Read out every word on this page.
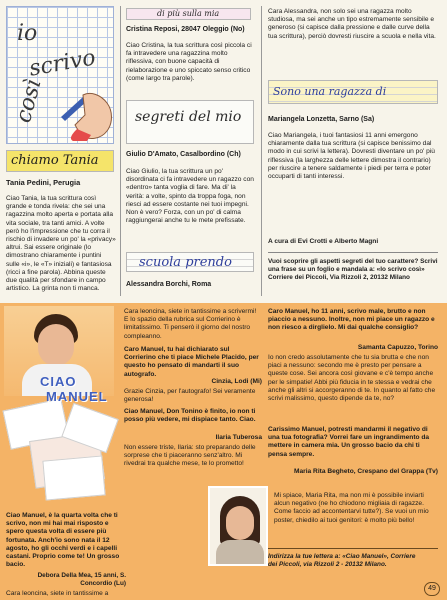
io
scrivo
così
chiamo Tania
Tania Pedini, Perugia
Ciao Tania, la tua scrittura così grande e tonda rivela: che sei una ragazzina molto aperta e portata alla vita sociale, tra tanti amici. A volte però ho l'impressione che tu corra il rischio di invadere un po' la «privacy» altrui. Sai essere originale (lo dimostrano chiaramente i puntini sulle «i», le «T» iniziali) e fantasiosa (ricci a fine parola). Abbina queste due qualità per sfondare in campo artistico. La grinta non ti manca.
di più sulla mia
Cristina Reposi, 28047 Oleggio (No)
Ciao Cristina, la tua scrittura così piccola ci fa intravedere una ragazzina molto riflessiva, con buone capacità di rielaborazione e uno spiccato senso critico (come largo tra parole).
segreti del mio
Giulio D'Amato, Casalbordino (Ch)
Ciao Giulio, la tua scrittura un po' disordinata ci fa intravedere un ragazzo con «dentro» tanta voglia di fare. Ma di' la verità: a volte, spinto da troppa foga, non riesci ad essere costante nei tuoi impegni. Non è vero? Forza, con un po' di calma raggiungerai anche tu le mete prefissate.
scuola prendo
Alessandra Borchi, Roma
Cara Alessandra, non solo sei una ragazza molto studiosa, ma sei anche un tipo estremamente sensibile e generoso (si capisce dalla pressione e dalle curve della tua scrittura), perciò dovresti riuscire a scuola e nella vita.
Sono una ragazza di
Mariangela Lonzetta, Sarno (Sa)
Ciao Mariangela, i tuoi fantasiosi 11 anni emergono chiaramente dalla tua scrittura (si capisce benissimo dal modo in cui scrivi la lettera). Dovresti diventare un po' più riflessiva (la larghezza delle lettere dimostra il contrario) per riuscire a tenere saldamente i piedi per terra e poter occuparti di tanti interessi.
A cura di Evi Crotti e Alberto Magni
Vuoi scoprire gli aspetti segreti del tuo carattere? Scrivi una frase su un foglio e mandala a: «Io scrivo così» Corriere dei Piccoli, Via Rizzoli 2, 20132 Milano
CIAO
MANUEL
Ciao Manuel, è la quarta volta che ti scrivo, non mi hai mai risposto e spero questa volta di essere più fortunata. Anch'io sono nata il 12 agosto, ho gli occhi verdi e i capelli castani. Proprio come te! Un grosso bacio.
Debora Della Mea, 15 anni, S. Concordio (Lu)
Cara leoncina, siete in tantissime a
Cara leoncina, siete in tantissime a scrivermi! E lo spazio della rubrica sul Corrierino è limitatissimo. Ti penserò il giorno del nostro compleanno.
Caro Manuel, tu hai dichiarato sul Corrierino che ti piace Michele Placido, per questo ho pensato di mandarti il suo autografo.
Cinzia, Lodi (Mi)
Grazie Cinzia, per l'autografo! Sei veramente generosa!
Ciao Manuel, Don Tonino è finito, io non ti posso più vedere, mi dispiace tanto. Ciao.
Ilaria Tuberosa
Non essere triste, Ilaria: sto preparando delle sorprese che ti piaceranno senz'altro. Mi rivedrai tra qualche mese, te lo prometto!
Caro Manuel, ho 11 anni, scrivo male, brutto e non piaccio a nessuno. Inoltre, non mi piace un ragazzo e non riesco a dirglielo. Mi dai qualche consiglio?
Samanta Capuzzo, Torino
Io non credo assolutamente che tu sia brutta e che non piaci a nessuno: secondo me è presto per pensare a queste cose. Sei ancora così giovane e c'è tempo anche per le simpatie! Abbi più fiducia in te stessa e vedrai che anche gli altri si accorgeranno di te. In quanto al fatto che scrivi malissimo, questo dipende da te, no?
Carissimo Manuel, potresti mandarmi il negativo di una tua fotografia? Vorrei fare un ingrandimento da mettere in camera mia. Un grosso bacio da chi ti pensa sempre.
Maria Rita Begheto, Crespano del Grappa (Tv)
Mi spiace, Maria Rita, ma non mi è possibile inviarti alcun negativo (ne ho chiodono migliaia di ragazze. Come faccio ad accontentarvi tutte?). Se vuoi un mio poster, chiedilo ai tuoi genitori: è molto più bello!
Indirizza la tue lettera a: «Ciao Manuel», Corriere dei Piccoli, via Rizzoli 2 - 20132 Milano.
49
